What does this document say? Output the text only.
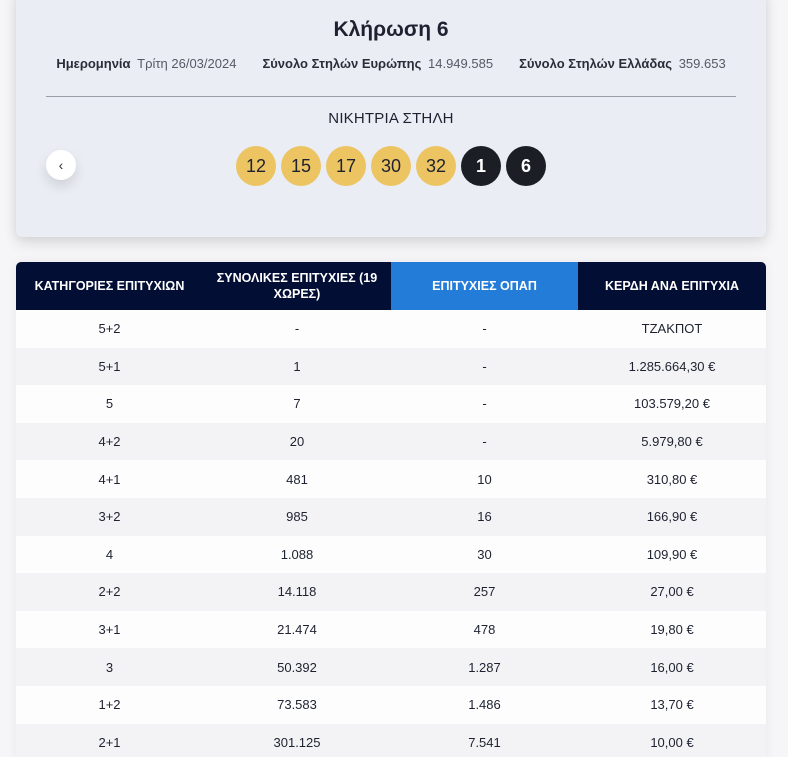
Κλήρωση 6
Ημερομηνία Τρίτη 26/03/2024 Σύνολο Στηλών Ευρώπης 14.949.585 Σύνολο Στηλών Ελλάδας 359.653
ΝΙΚΗΤΡΙΑ ΣΤΗΛΗ
‹	12	15	17	30	32	1	6
ΚΑΤΗΓΟΡΙΕΣ ΕΠΙΤΥΧΙΩΝ	ΣΥΝΟΛΙΚΕΣ ΕΠΙΤΥΧΙΕΣ (19 ΧΩΡΕΣ)	ΕΠΙΤΥΧΙΕΣ ΟΠΑΠ	ΚΕΡΔΗ ΑΝΑ ΕΠΙΤΥΧΙΑ
5+2	-	-	ΤΖΑΚΠΟΤ
5+1	1	-	1.285.664,30 €
5	7	-	103.579,20 €
4+2	20	-	5.979,80 €
4+1	481	10	310,80 €
3+2	985	16	166,90 €
4	1.088	30	109,90 €
2+2	14.118	257	27,00 €
3+1	21.474	478	19,80 €
3	50.392	1.287	16,00 €
1+2	73.583	1.486	13,70 €
2+1	301.125	7.541	10,00 €
